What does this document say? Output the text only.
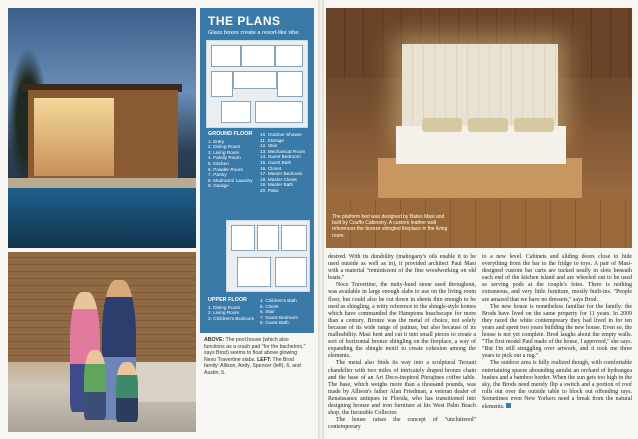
ABOVE: The pool house (which also functions as a crash pad "for the bachelors," says Brod) seems to float above glowing Nexo Travertine slabs. LEFT: The Brod family: Allison, Andy, Spencer (left), 6, and Austin, 5.

THE PLANS
Glass boxes create a resort-like vibe.
GROUND FLOOR
1. Entry
2. Dining Room
3. Living Room
4. Family Room
5. Kitchen
6. Powder Room
7. Pantry
8. Mudroom/ Laundry
9. Garage
10. Outdoor Shower
11. Storage
12. Stair
13. Mechanical Room
14. Guest Bedroom
15. Guest Bath
16. Closet
17. Master Bedroom
18. Master Closet
19. Master Bath
20. Patio
UPPER FLOOR
1. Dining Room
2. Living Room
3. Children's Bedroom
4. Children's Bath
5. Closet
6. Stair
7. Guest Bedroom
8. Guest Bath
The platform bed was designed by Bates Masi and built by Couffo Cabinetry. A custom leather wall references the bronze shingled fireplace in the living room.

desired. With its durability (mahogany's oils enable it to be used outside as well as in), it provided architect Paul Masi with a material "reminiscent of the fine woodworking on old boats."

Noce Travertine, the nutty-hued stone used throughout, was available in large enough slabs to use on the living room floor, but could also be cut down in sheets thin enough to be used as shingling, a witty reference to the shingle-style homes which have commanded the Hamptons beachscape for more than a century. Bronze was the metal of choice, not solely because of its wide range of patinas, but also because of its malleability. Masi bent and cut it into small pieces to create a sort of horizontal bronze shingling on the fireplace, a way of expanding the shingle motif to create cohesion among the elements.

The metal also finds its way into a sculptural Terzani chandelier with two miles of intricately draped bronze chain and the base of an Art Deco-inspired Pierajines coffee table. The base, which weighs more than a thousand pounds, was made by Allison's father Alan Friedman, a veteran dealer of Renaissance antiques in Florida, who has transitioned into designing bronze and iron furniture at his West Palm Beach shop, the Incurable Collector.

The house raises the concept of "uncluttered" contemporary

to a new level. Cabinets and sliding doors close to hide everything from the bar to the fridge to toys. A pair of Masi-designed custom bar carts are tucked neatly in slots beneath each end of the kitchen island and are wheeled out to be used as serving pods at the couple's fetes. There is nothing extraneous, and very little furniture, mostly built-ins. "People are amazed that we have no dressers," says Brod.

The new house is nonetheless familiar for the family: the Brods have lived on the same property for 11 years. In 2009 they razed the white contemporary they had lived in for ten years and spent two years building the new house. Even so, the house is not yet complete. Brod laughs about the empty walls. "The first model Paul made of the house, I approved," she says. "But I'm still struggling over artwork, and it took me three years to pick out a rug."

The outdoor area is fully realized though, with comfortable entertaining spaces abounding amidst an orchard of hydrangea bushes and a bamboo border. When the sun gets too high in the sky, the Brods need merely flip a switch and a portion of roof rolls out over the outside table to block out offending rays. Sometimes even New Yorkers need a break from the natural elements.
